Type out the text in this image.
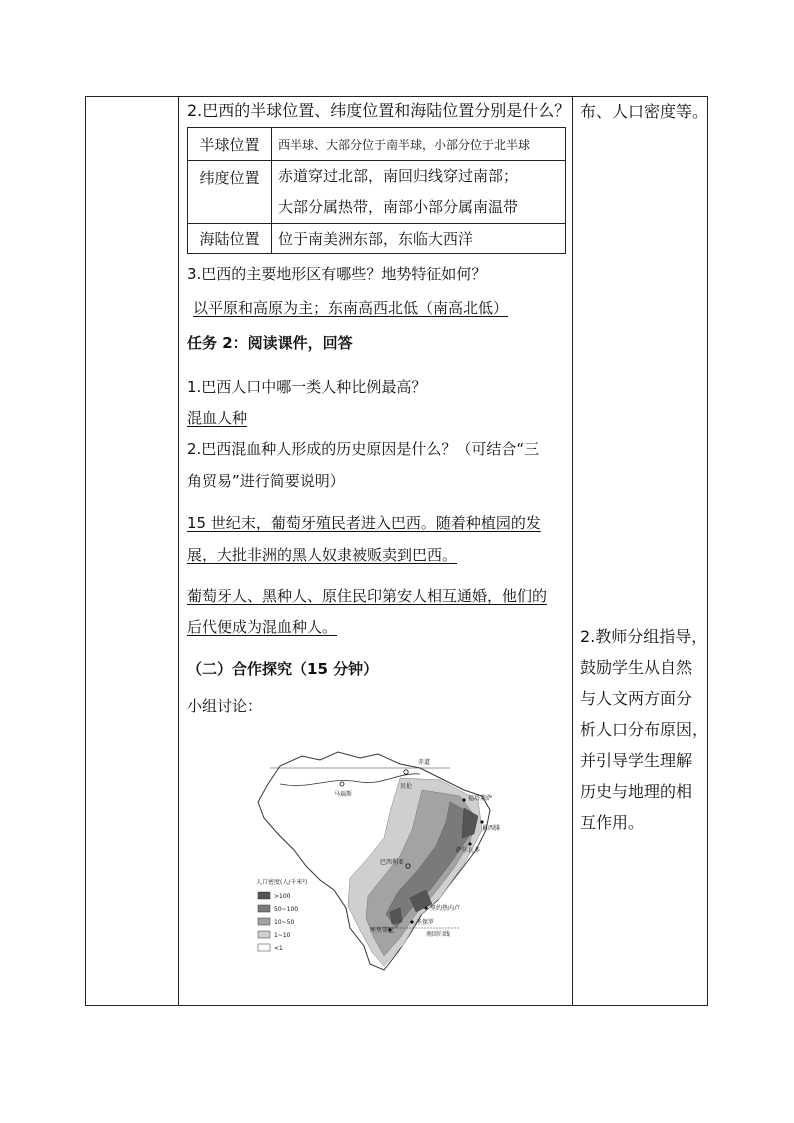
2.巴西的半球位置、纬度位置和海陆位置分别是什么？
半球位置	西半球、大部分位于南半球，小部分位于北半球
纬度位置	赤道穿过北部，南回归线穿过南部；
大部分属热带，南部小部分属南温带

海陆位置	位于南美洲东部，东临大西洋
3.巴西的主要地形区有哪些？地势特征如何？
以平原和高原为主；东南高西北低（南高北低）
任务 2：阅读课件，回答
1.巴西人口中哪一类人种比例最高？
混血人种
2.巴西混血种人形成的历史原因是什么？（可结合“三
角贸易”进行简要说明）
15 世纪末，葡萄牙殖民者进入巴西。随着种植园的发
展，大批非洲的黑人奴隶被贩卖到巴西。
葡萄牙人、黑种人、原住民印第安人相互通婚，他们的
后代便成为混血种人。
（二）合作探究（15 分钟）
小组讨论：
布、人口密度等。
2.教师分组指导，
鼓励学生从自然
与人文两方面分
析人口分布原因，
并引导学生理解
历史与地理的相
互作用。
赤道
南回归线
马瑙斯
贝伦
福塔莱萨
累西腓
萨尔瓦多
巴西利亚
里约热内卢
圣保罗
库里蒂巴
人口密度(人/千米²)
>100
50~100
10~50
1~10
<1
